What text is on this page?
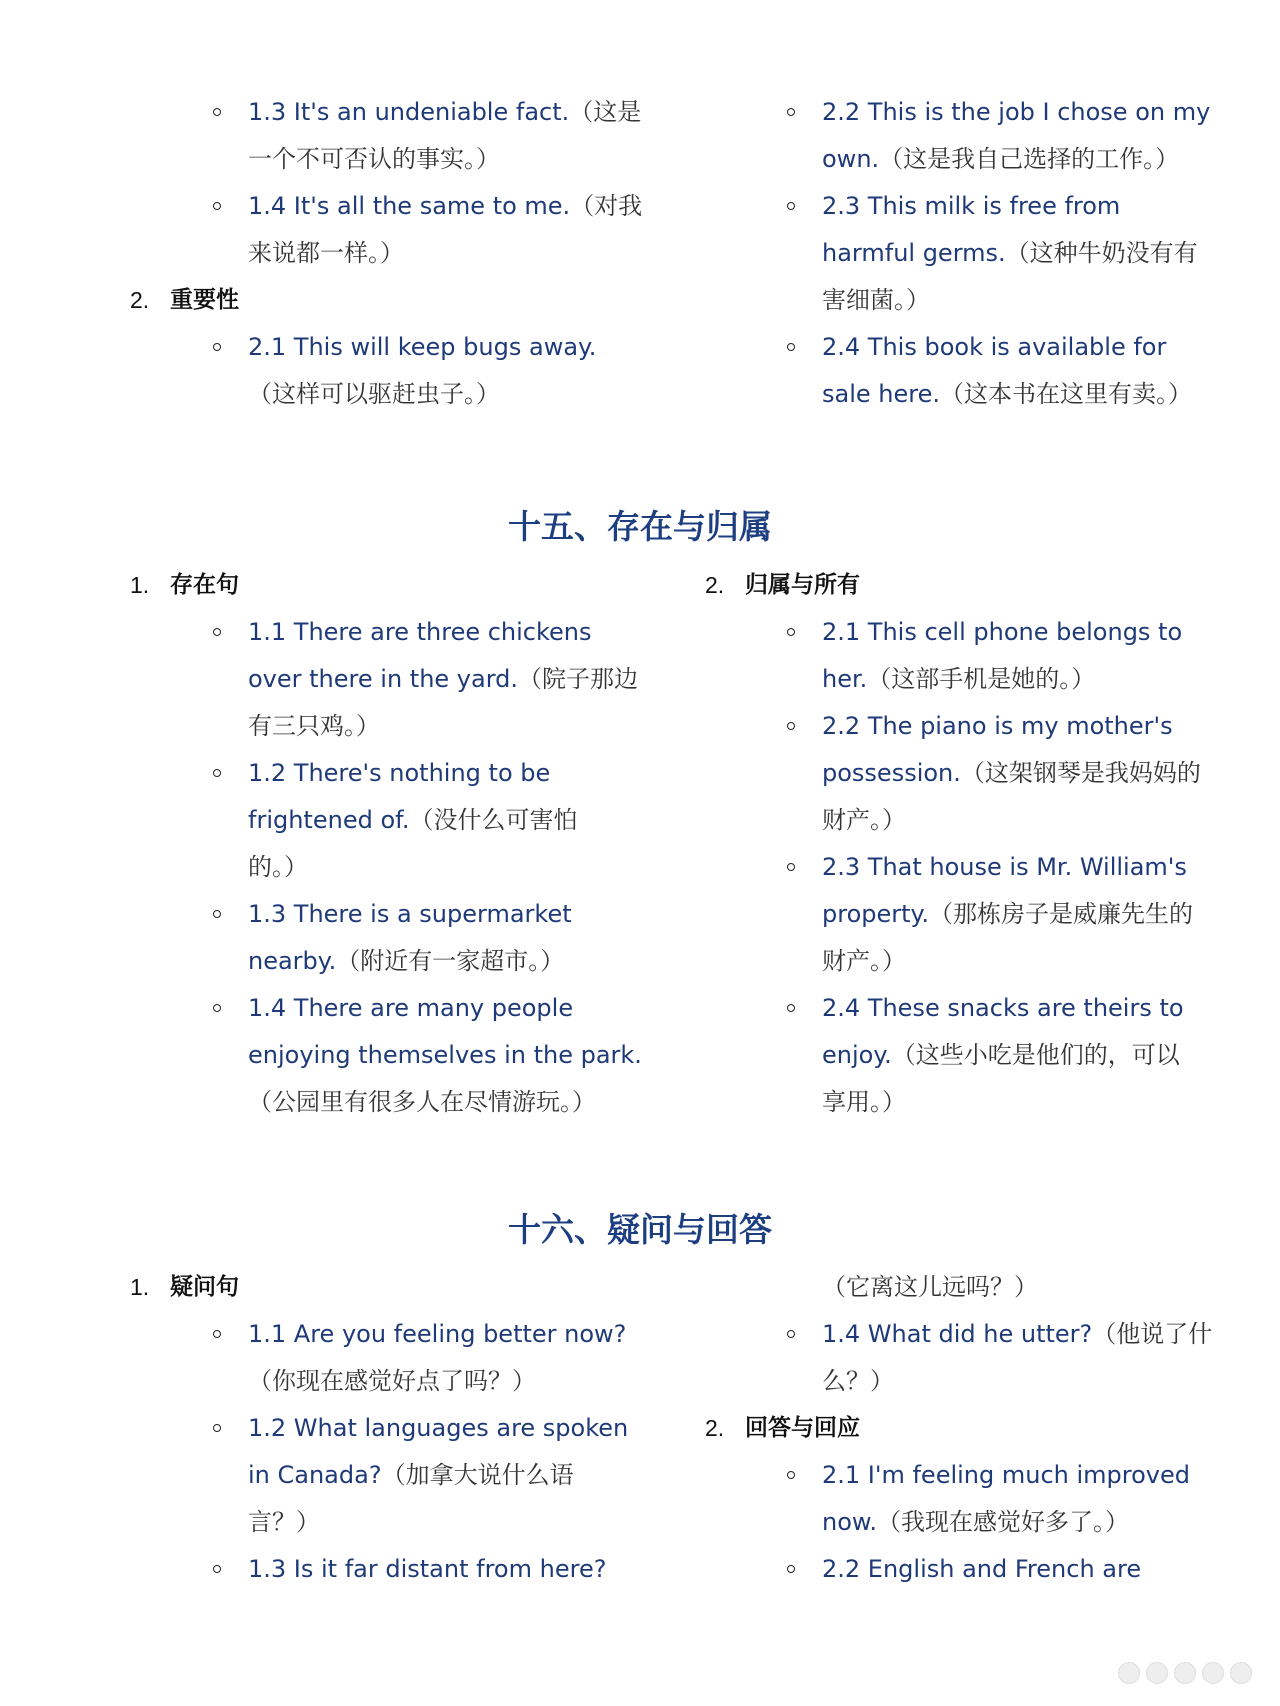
1.3 It's an undeniable fact.（这是
一个不可否认的事实。）
1.4 It's all the same to me.（对我
来说都一样。）
2. 重要性
2.1 This will keep bugs away.
（这样可以驱赶虫子。）
2.2 This is the job I chose on my
own.（这是我自己选择的工作。）
2.3 This milk is free from
harmful germs.（这种牛奶没有有
害细菌。）
2.4 This book is available for
sale here.（这本书在这里有卖。）
十五、存在与归属
1. 存在句
1.1 There are three chickens
over there in the yard.（院子那边
有三只鸡。）
1.2 There's nothing to be
frightened of.（没什么可害怕
的。）
1.3 There is a supermarket
nearby.（附近有一家超市。）
1.4 There are many people
enjoying themselves in the park.
（公园里有很多人在尽情游玩。）
2. 归属与所有
2.1 This cell phone belongs to
her.（这部手机是她的。）
2.2 The piano is my mother's
possession.（这架钢琴是我妈妈的
财产。）
2.3 That house is Mr. William's
property.（那栋房子是威廉先生的
财产。）
2.4 These snacks are theirs to
enjoy.（这些小吃是他们的，可以
享用。）
十六、疑问与回答
1. 疑问句
1.1 Are you feeling better now?
（你现在感觉好点了吗？）
1.2 What languages are spoken
in Canada?（加拿大说什么语
言？）
1.3 Is it far distant from here?
（它离这儿远吗？）
1.4 What did he utter?（他说了什
么？）
2. 回答与回应
2.1 I'm feeling much improved
now.（我现在感觉好多了。）
2.2 English and French are
